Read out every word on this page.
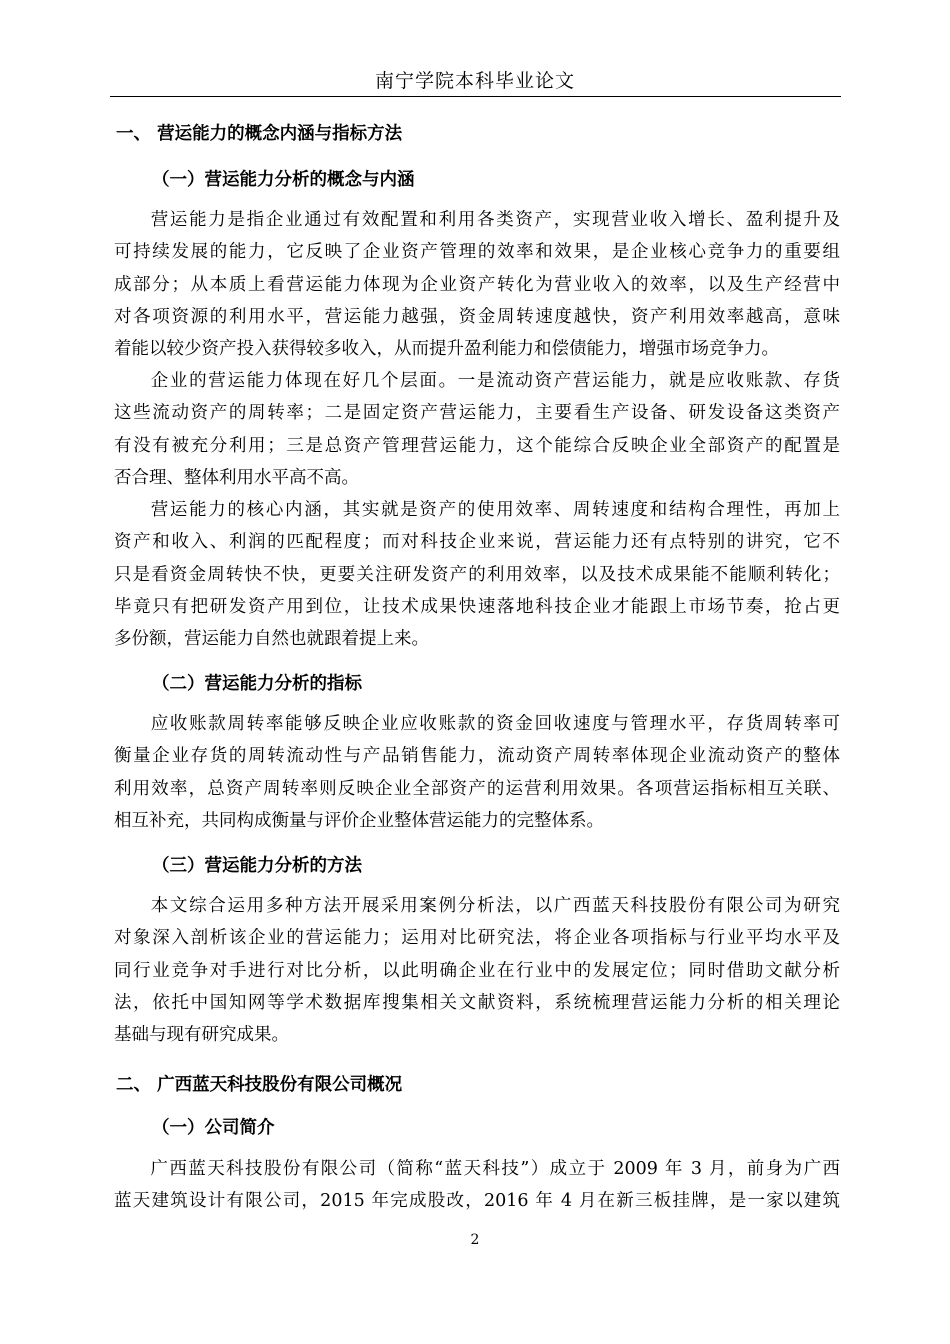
南宁学院本科毕业论文
一、 营运能力的概念内涵与指标方法
（一）营运能力分析的概念与内涵
营运能力是指企业通过有效配置和利用各类资产，实现营业收入增长、盈利提升及
可持续发展的能力，它反映了企业资产管理的效率和效果，是企业核心竞争力的重要组
成部分；从本质上看营运能力体现为企业资产转化为营业收入的效率，以及生产经营中
对各项资源的利用水平，营运能力越强，资金周转速度越快，资产利用效率越高，意味
着能以较少资产投入获得较多收入，从而提升盈利能力和偿债能力，增强市场竞争力。
企业的营运能力体现在好几个层面。一是流动资产营运能力，就是应收账款、存货
这些流动资产的周转率；二是固定资产营运能力，主要看生产设备、研发设备这类资产
有没有被充分利用；三是总资产管理营运能力，这个能综合反映企业全部资产的配置是
否合理、整体利用水平高不高。
营运能力的核心内涵，其实就是资产的使用效率、周转速度和结构合理性，再加上
资产和收入、利润的匹配程度；而对科技企业来说，营运能力还有点特别的讲究，它不
只是看资金周转快不快，更要关注研发资产的利用效率，以及技术成果能不能顺利转化；
毕竟只有把研发资产用到位，让技术成果快速落地科技企业才能跟上市场节奏，抢占更
多份额，营运能力自然也就跟着提上来。
（二）营运能力分析的指标
应收账款周转率能够反映企业应收账款的资金回收速度与管理水平，存货周转率可
衡量企业存货的周转流动性与产品销售能力，流动资产周转率体现企业流动资产的整体
利用效率，总资产周转率则反映企业全部资产的运营利用效果。各项营运指标相互关联、
相互补充，共同构成衡量与评价企业整体营运能力的完整体系。
（三）营运能力分析的方法
本文综合运用多种方法开展采用案例分析法，以广西蓝天科技股份有限公司为研究
对象深入剖析该企业的营运能力；运用对比研究法，将企业各项指标与行业平均水平及
同行业竞争对手进行对比分析，以此明确企业在行业中的发展定位；同时借助文献分析
法，依托中国知网等学术数据库搜集相关文献资料，系统梳理营运能力分析的相关理论
基础与现有研究成果。
二、 广西蓝天科技股份有限公司概况
（一）公司简介
广西蓝天科技股份有限公司（简称“蓝天科技”）成立于 2009 年 3 月，前身为广西
蓝天建筑设计有限公司，2015 年完成股改，2016 年 4 月在新三板挂牌，是一家以建筑
2
